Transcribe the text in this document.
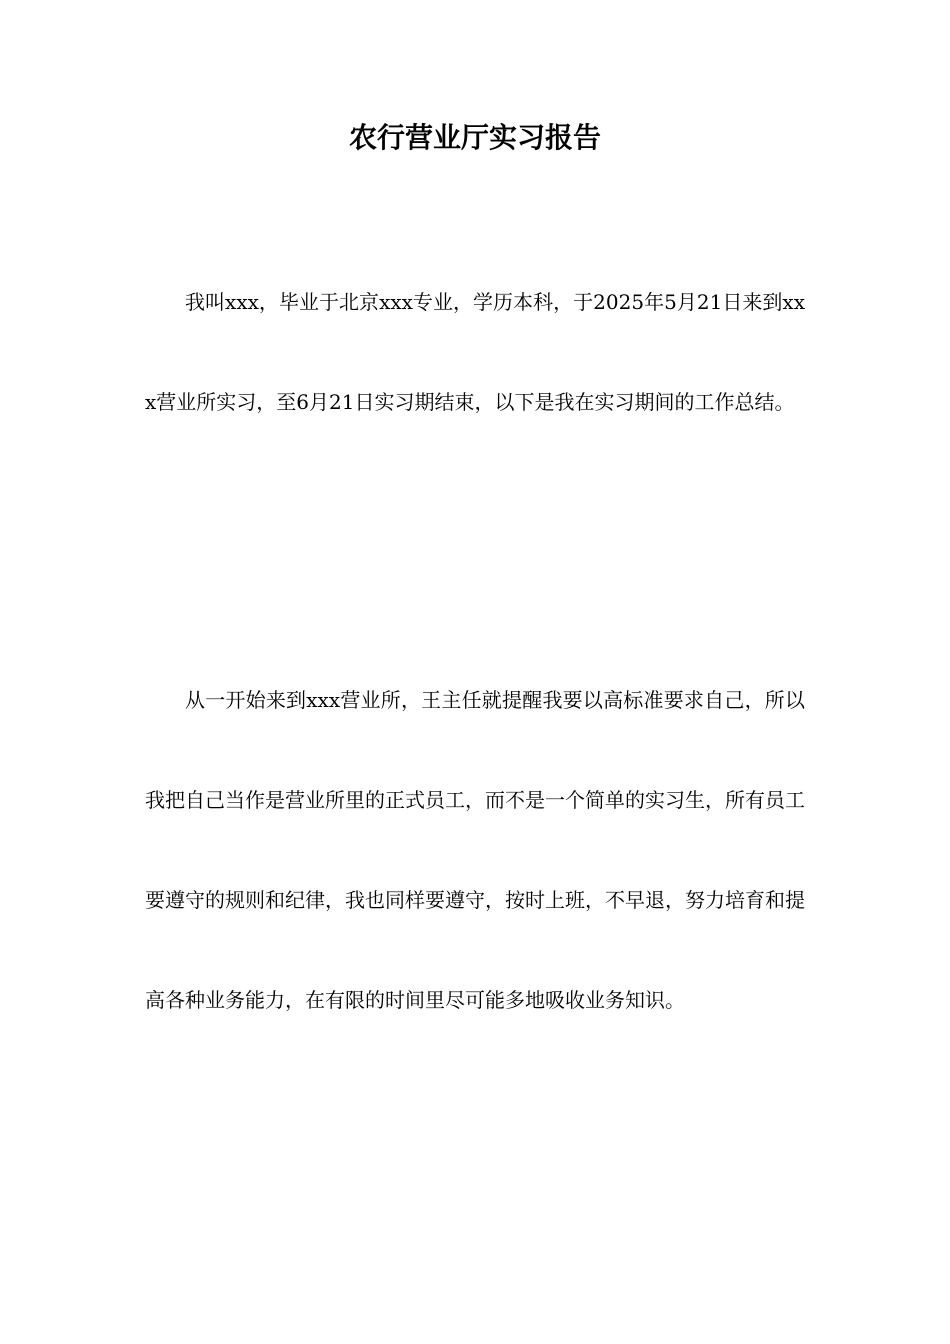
农行营业厅实习报告

我叫xxx，毕业于北京xxx专业，学历本科，于2025年5月21日来到xxx营业所实习，至6月21日实习期结束，以下是我在实习期间的工作总结。

从一开始来到xxx营业所，王主任就提醒我要以高标准要求自己，所以我把自己当作是营业所里的正式员工，而不是一个简单的实习生，所有员工要遵守的规则和纪律，我也同样要遵守，按时上班，不早退，努力培育和提高各种业务能力，在有限的时间里尽可能多地吸收业务知识。
